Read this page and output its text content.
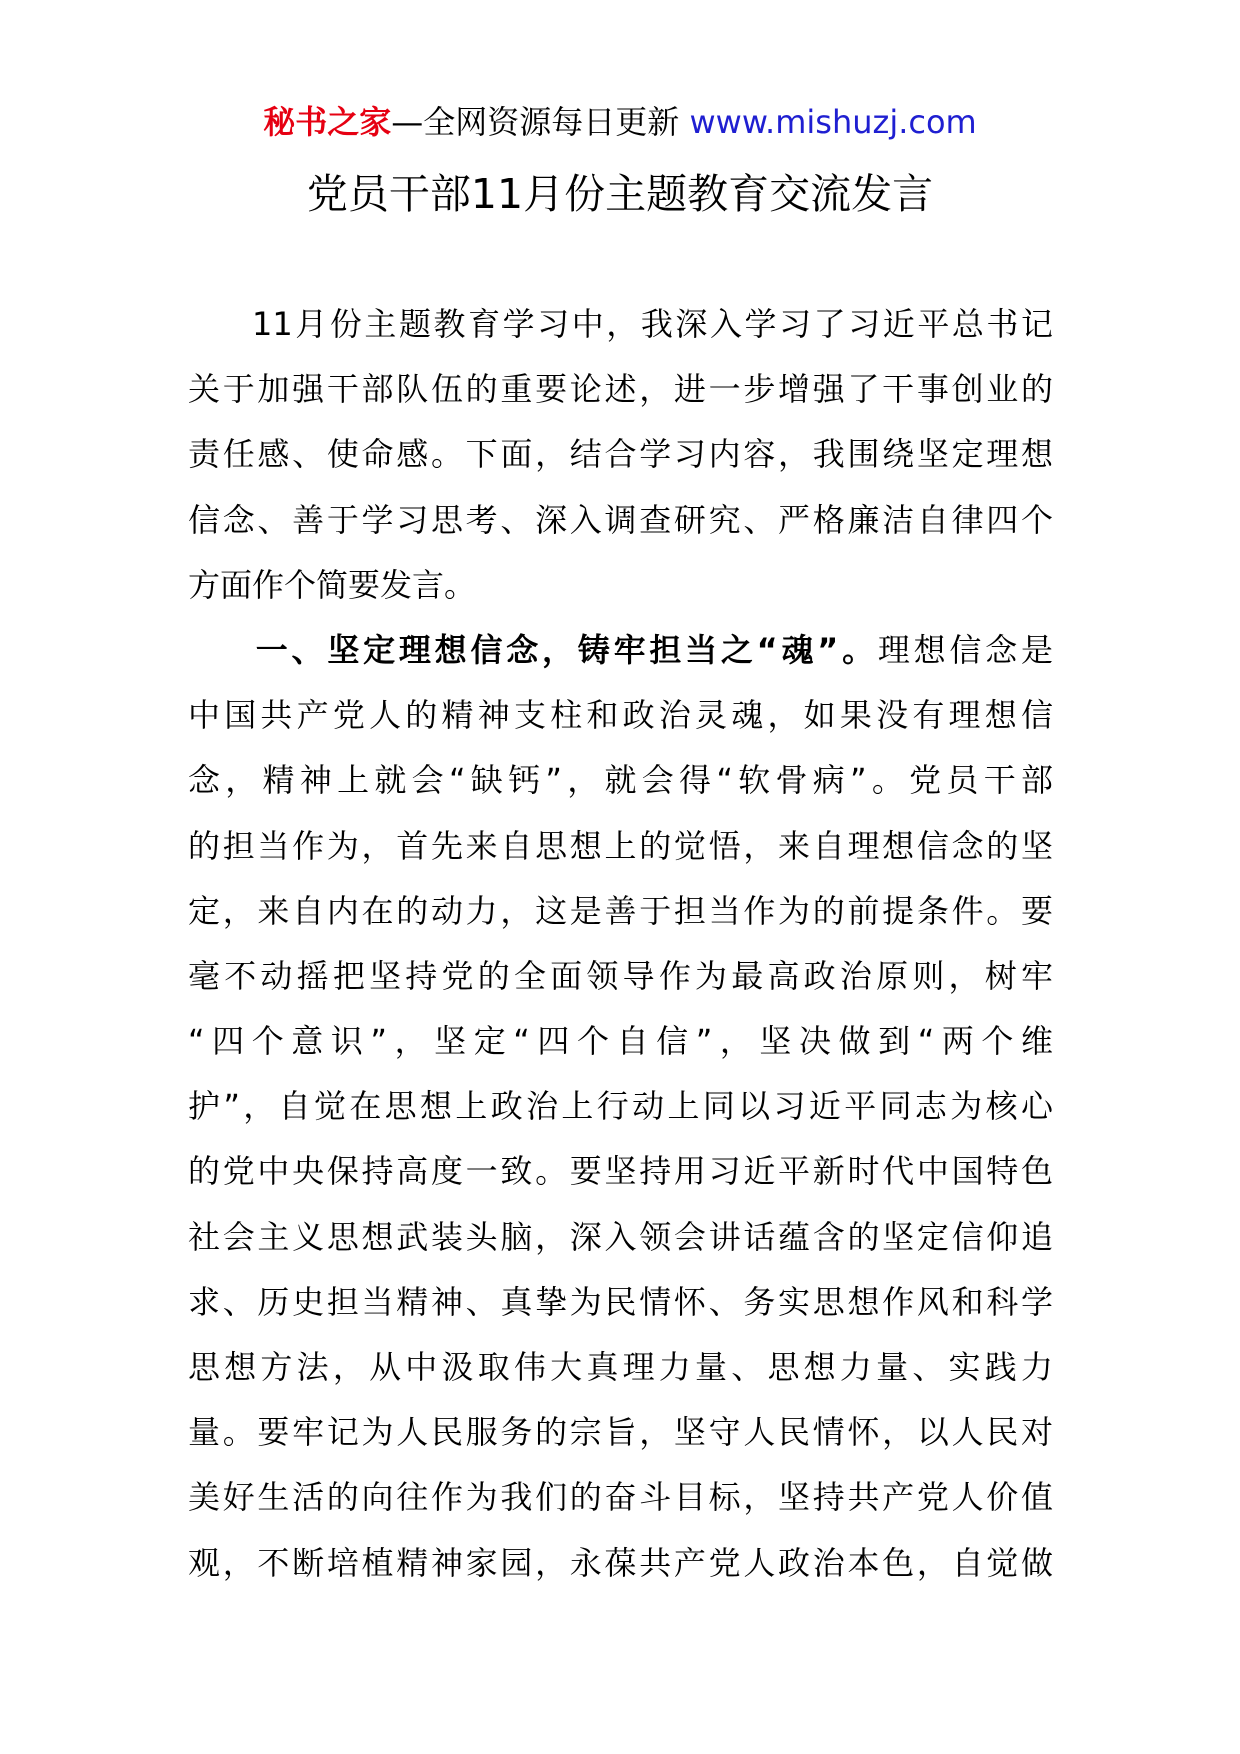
秘书之家—全网资源每日更新 www.mishuzj.com
党员干部11月份主题教育交流发言
11月份主题教育学习中，我深入学习了习近平总书记
关于加强干部队伍的重要论述，进一步增强了干事创业的
责任感、使命感。下面，结合学习内容，我围绕坚定理想
信念、善于学习思考、深入调查研究、严格廉洁自律四个
方面作个简要发言。
一、坚定理想信念，铸牢担当之“魂”。理想信念是
中国共产党人的精神支柱和政治灵魂，如果没有理想信
念，精神上就会“缺钙”，就会得“软骨病”。党员干部
的担当作为，首先来自思想上的觉悟，来自理想信念的坚
定，来自内在的动力，这是善于担当作为的前提条件。要
毫不动摇把坚持党的全面领导作为最高政治原则，树牢
“四个意识”，坚定“四个自信”，坚决做到“两个维
护”，自觉在思想上政治上行动上同以习近平同志为核心
的党中央保持高度一致。要坚持用习近平新时代中国特色
社会主义思想武装头脑，深入领会讲话蕴含的坚定信仰追
求、历史担当精神、真挚为民情怀、务实思想作风和科学
思想方法，从中汲取伟大真理力量、思想力量、实践力
量。要牢记为人民服务的宗旨，坚守人民情怀，以人民对
美好生活的向往作为我们的奋斗目标，坚持共产党人价值
观，不断培植精神家园，永葆共产党人政治本色，自觉做
